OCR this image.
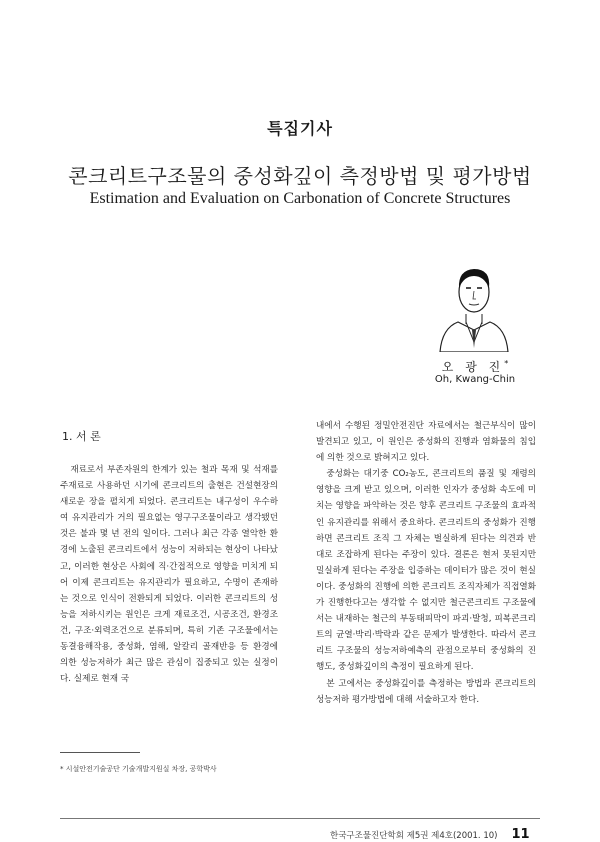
특집기사
콘크리트구조물의 중성화깊이 측정방법 및 평가방법
Estimation and Evaluation on Carbonation of Concrete Structures
오 광 진*
Oh, Kwang-Chin
1. 서 론

재료로서 부존자원의 한계가 있는 철과 목재 및 석재를 주재료로 사용하던 시기에 콘크리트의 출현은 건설현장의 새로운 장을 펼치게 되었다. 콘크리트는 내구성이 우수하여 유지관리가 거의 필요없는 영구구조물이라고 생각됐던 것은 불과 몇 년 전의 일이다. 그러나 최근 각종 열악한 환경에 노출된 콘크리트에서 성능이 저하되는 현상이 나타났고, 이러한 현상은 사회에 직·간접적으로 영향을 미치게 되어 이제 콘크리트는 유지관리가 필요하고, 수명이 존재하는 것으로 인식이 전환되게 되었다. 이러한 콘크리트의 성능을 저하시키는 원인은 크게 재료조건, 시공조건, 환경조건, 구조·외력조건으로 분류되며, 특히 기존 구조물에서는 동결융해작용, 중성화, 염해, 알칼리 골재반응 등 환경에 의한 성능저하가 최근 많은 관심이 집중되고 있는 실정이다. 실제로 현재 국

내에서 수행된 정밀안전진단 자료에서는 철근부식이 많이 발견되고 있고, 이 원인은 중성화의 진행과 염화물의 침입에 의한 것으로 밝혀지고 있다.

중성화는 대기중 CO₂농도, 콘크리트의 품질 및 재령의 영향을 크게 받고 있으며, 이러한 인자가 중성화 속도에 미치는 영향을 파악하는 것은 향후 콘크리트 구조물의 효과적인 유지관리를 위해서 중요하다. 콘크리트의 중성화가 진행하면 콘크리트 조직 그 자체는 벌실하게 된다는 의견과 반대로 조잡하게 된다는 주장이 있다. 결론은 현저 못된지만 밀실하게 된다는 주장을 입증하는 데이터가 많은 것이 현실이다. 중성화의 진행에 의한 콘크리트 조직자체가 직접열화가 진행한다고는 생각할 수 없지만 철근콘크리트 구조물에서는 내재하는 철근의 부동태피막이 파괴·발청, 피복콘크리트의 균열·박리·박락과 같은 문제가 발생한다. 따라서 콘크리트 구조물의 성능저하예측의 관점으로부터 중성화의 진행도, 중성화깊이의 측정이 필요하게 된다.

본 고에서는 중성화깊이를 측정하는 방법과 콘크리트의 성능저하 평가방법에 대해 서술하고자 한다.

* 시설안전기술공단 기술개발지원실 차장, 공학박사
한국구조물진단학회 제5권 제4호(2001. 10) 11
